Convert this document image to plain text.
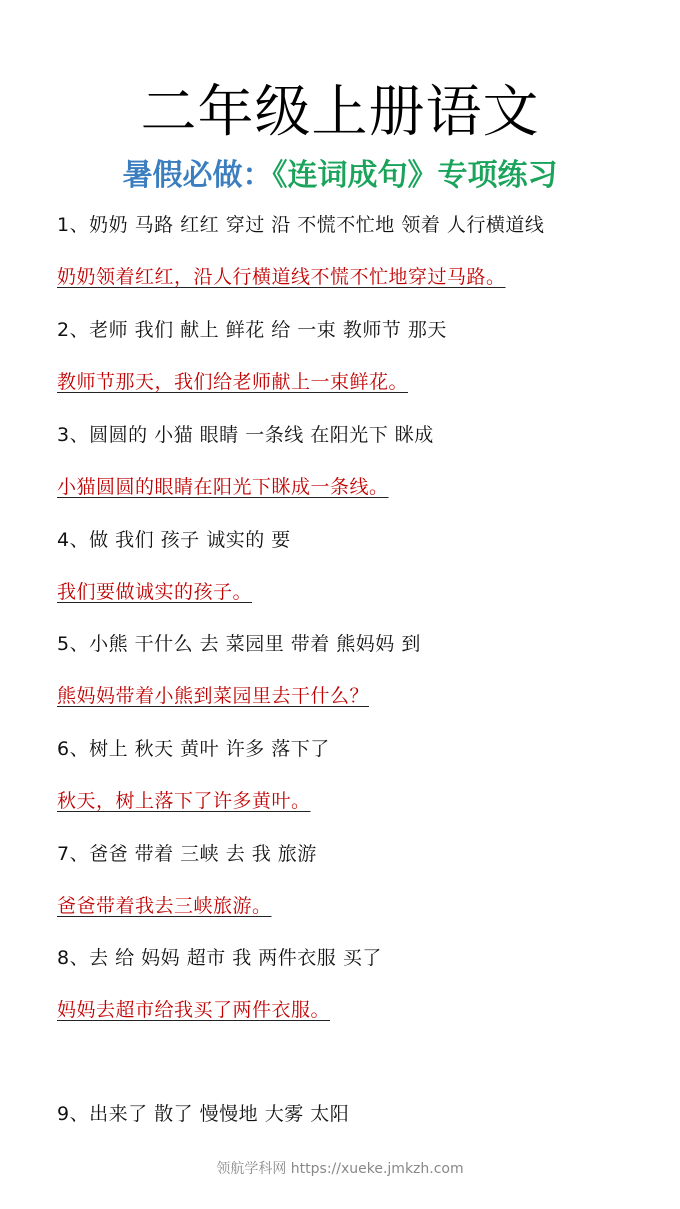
二年级上册语文
暑假必做：《连词成句》专项练习
1、奶奶 马路 红红 穿过 沿 不慌不忙地 领着 人行横道线
奶奶领着红红，沿人行横道线不慌不忙地穿过马路。
2、老师 我们 献上 鲜花 给 一束 教师节 那天
教师节那天，我们给老师献上一束鲜花。
3、圆圆的 小猫 眼睛 一条线 在阳光下 眯成
小猫圆圆的眼睛在阳光下眯成一条线。
4、做 我们 孩子 诚实的 要
我们要做诚实的孩子。
5、小熊 干什么 去 菜园里 带着 熊妈妈 到
熊妈妈带着小熊到菜园里去干什么？
6、树上 秋天 黄叶 许多 落下了
秋天，树上落下了许多黄叶。
7、爸爸 带着 三峡 去 我 旅游
爸爸带着我去三峡旅游。
8、去 给 妈妈 超市 我 两件衣服 买了
妈妈去超市给我买了两件衣服。
9、出来了 散了 慢慢地 大雾 太阳
领航学科网 https://xueke.jmkzh.com
